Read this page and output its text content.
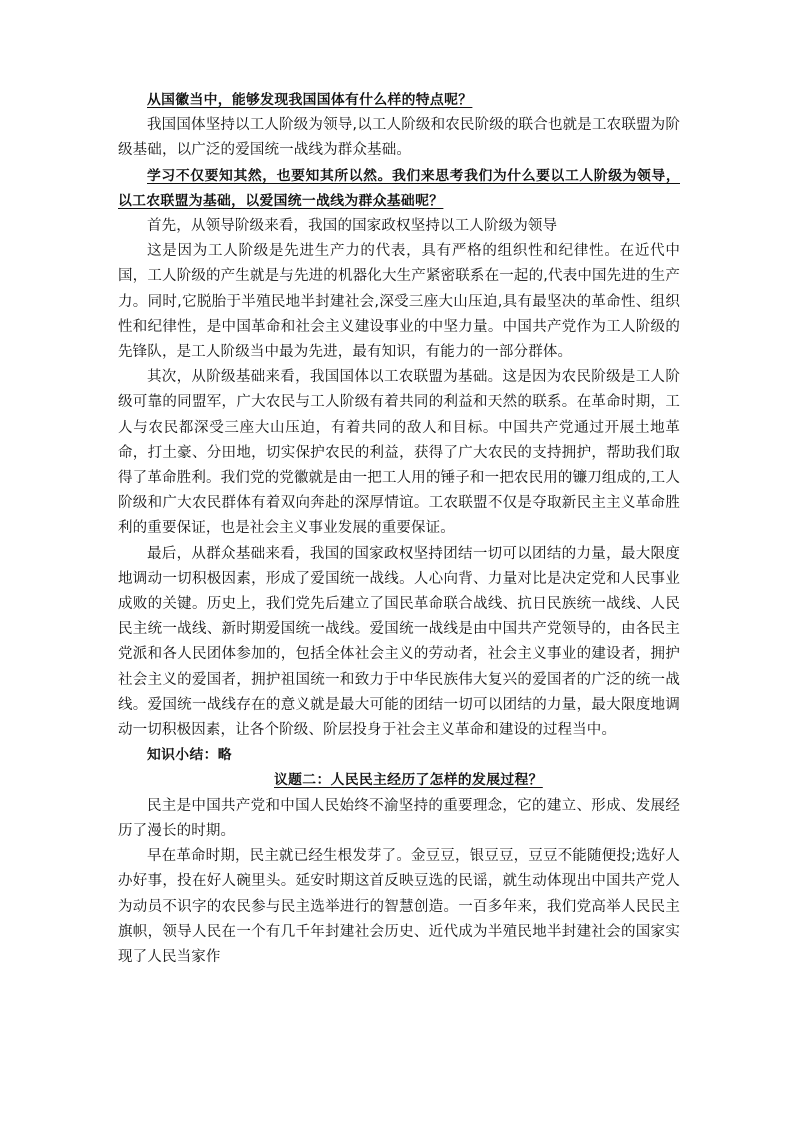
从国徽当中，能够发现我国国体有什么样的特点呢？

我国国体坚持以工人阶级为领导,以工人阶级和农民阶级的联合也就是工农联盟为阶级基础，以广泛的爱国统一战线为群众基础。

学习不仅要知其然，也要知其所以然。我们来思考我们为什么要以工人阶级为领导，以工农联盟为基础，以爱国统一战线为群众基础呢？

首先，从领导阶级来看，我国的国家政权坚持以工人阶级为领导

这是因为工人阶级是先进生产力的代表，具有严格的组织性和纪律性。在近代中国，工人阶级的产生就是与先进的机器化大生产紧密联系在一起的,代表中国先进的生产力。同时,它脱胎于半殖民地半封建社会,深受三座大山压迫,具有最坚决的革命性、组织性和纪律性，是中国革命和社会主义建设事业的中坚力量。中国共产党作为工人阶级的先锋队，是工人阶级当中最为先进，最有知识，有能力的一部分群体。

其次，从阶级基础来看，我国国体以工农联盟为基础。这是因为农民阶级是工人阶级可靠的同盟军，广大农民与工人阶级有着共同的利益和天然的联系。在革命时期，工人与农民都深受三座大山压迫，有着共同的敌人和目标。中国共产党通过开展土地革命，打土豪、分田地，切实保护农民的利益，获得了广大农民的支持拥护，帮助我们取得了革命胜利。我们党的党徽就是由一把工人用的锤子和一把农民用的镰刀组成的,工人阶级和广大农民群体有着双向奔赴的深厚情谊。工农联盟不仅是夺取新民主主义革命胜利的重要保证，也是社会主义事业发展的重要保证。

最后，从群众基础来看，我国的国家政权坚持团结一切可以团结的力量，最大限度地调动一切积极因素，形成了爱国统一战线。人心向背、力量对比是决定党和人民事业成败的关键。历史上，我们党先后建立了国民革命联合战线、抗日民族统一战线、人民民主统一战线、新时期爱国统一战线。爱国统一战线是由中国共产党领导的，由各民主党派和各人民团体参加的，包括全体社会主义的劳动者，社会主义事业的建设者，拥护社会主义的爱国者，拥护祖国统一和致力于中华民族伟大复兴的爱国者的广泛的统一战线。爱国统一战线存在的意义就是最大可能的团结一切可以团结的力量，最大限度地调动一切积极因素，让各个阶级、阶层投身于社会主义革命和建设的过程当中。

知识小结：略

议题二：人民民主经历了怎样的发展过程？

民主是中国共产党和中国人民始终不渝坚持的重要理念，它的建立、形成、发展经历了漫长的时期。

早在革命时期，民主就已经生根发芽了。金豆豆，银豆豆，豆豆不能随便投;选好人办好事，投在好人碗里头。延安时期这首反映豆选的民谣，就生动体现出中国共产党人为动员不识字的农民参与民主选举进行的智慧创造。一百多年来，我们党高举人民民主旗帜，领导人民在一个有几千年封建社会历史、近代成为半殖民地半封建社会的国家实现了人民当家作
